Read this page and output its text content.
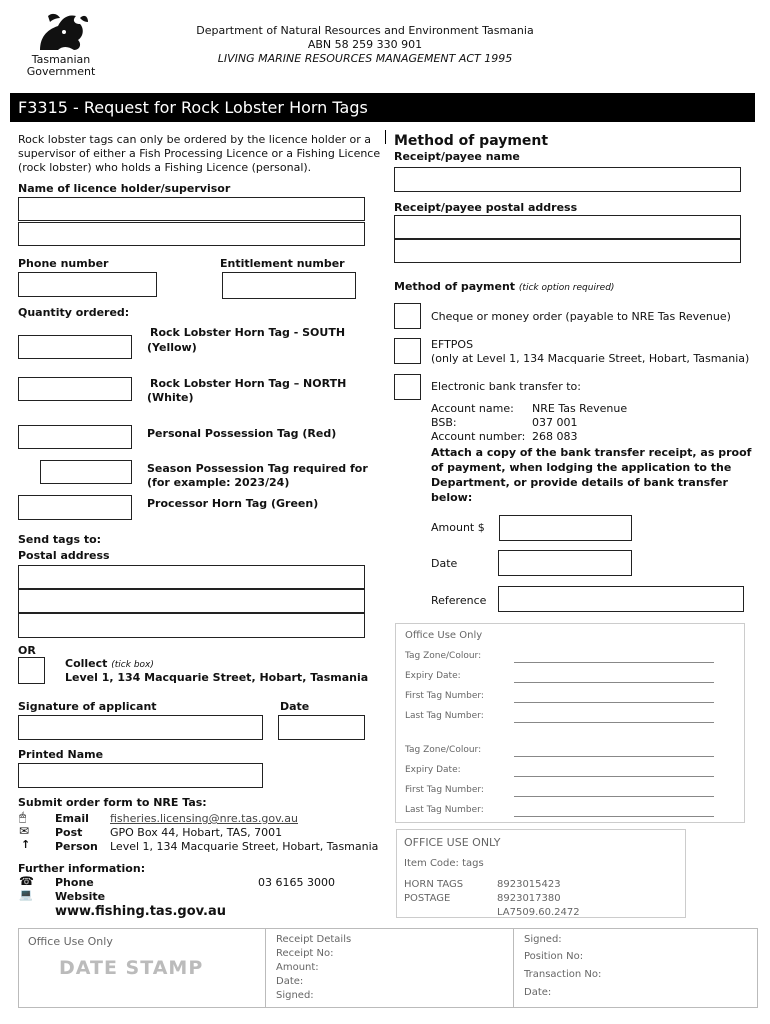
Tasmanian Government
Department of Natural Resources and Environment Tasmania
ABN 58 259 330 901
LIVING MARINE RESOURCES MANAGEMENT ACT 1995
F3315 - Request for Rock Lobster Horn Tags
Rock lobster tags can only be ordered by the licence holder or a
supervisor of either a Fish Processing Licence or a Fishing Licence
(rock lobster) who holds a Fishing Licence (personal).
Name of licence holder/supervisor
Phone number	Entitlement number
Quantity ordered:
Rock Lobster Horn Tag - SOUTH
(Yellow)
Rock Lobster Horn Tag – NORTH
(White)
Personal Possession Tag (Red)
Season Possession Tag required for
(for example: 2023/24)
Processor Horn Tag (Green)
Send tags to:
Postal address
OR
Collect (tick box)
Level 1, 134 Macquarie Street, Hobart, Tasmania
Signature of applicant	Date
Printed Name
Submit order form to NRE Tas:
🖱	Email fisheries.licensing@nre.tas.gov.au
✉ Post	GPO Box 44, Hobart, TAS, 7001
↑ Person Level 1, 134 Macquarie Street, Hobart, Tasmania
Further information:
☎ Phone	03 6165 3000
💻 Website
www.fishing.tas.gov.au
Method of payment
Receipt/payee name
Receipt/payee postal address
Method of payment (tick option required)
Cheque or money order (payable to NRE Tas Revenue)
EFTPOS
(only at Level 1, 134 Macquarie Street, Hobart, Tasmania)
Electronic bank transfer to:
Account name: NRE Tas Revenue
BSB:	037 001
Account number: 268 083
Attach a copy of the bank transfer receipt, as proof
of payment, when lodging the application to the
Department, or provide details of bank transfer
below:
Amount $
Date
Reference
Office Use Only
Tag Zone/Colour:
Expiry Date:
First Tag Number:
Last Tag Number:
Tag Zone/Colour:
Expiry Date:
First Tag Number:
Last Tag Number:
OFFICE USE ONLY
Item Code: tags
HORN TAGS	8923015423
POSTAGE	8923017380
LA7509.60.2472
Office Use Only
DATE STAMP
Receipt Details
Receipt No:
Amount:
Date:
Signed:
Signed:
Position No:
Transaction No:
Date:
